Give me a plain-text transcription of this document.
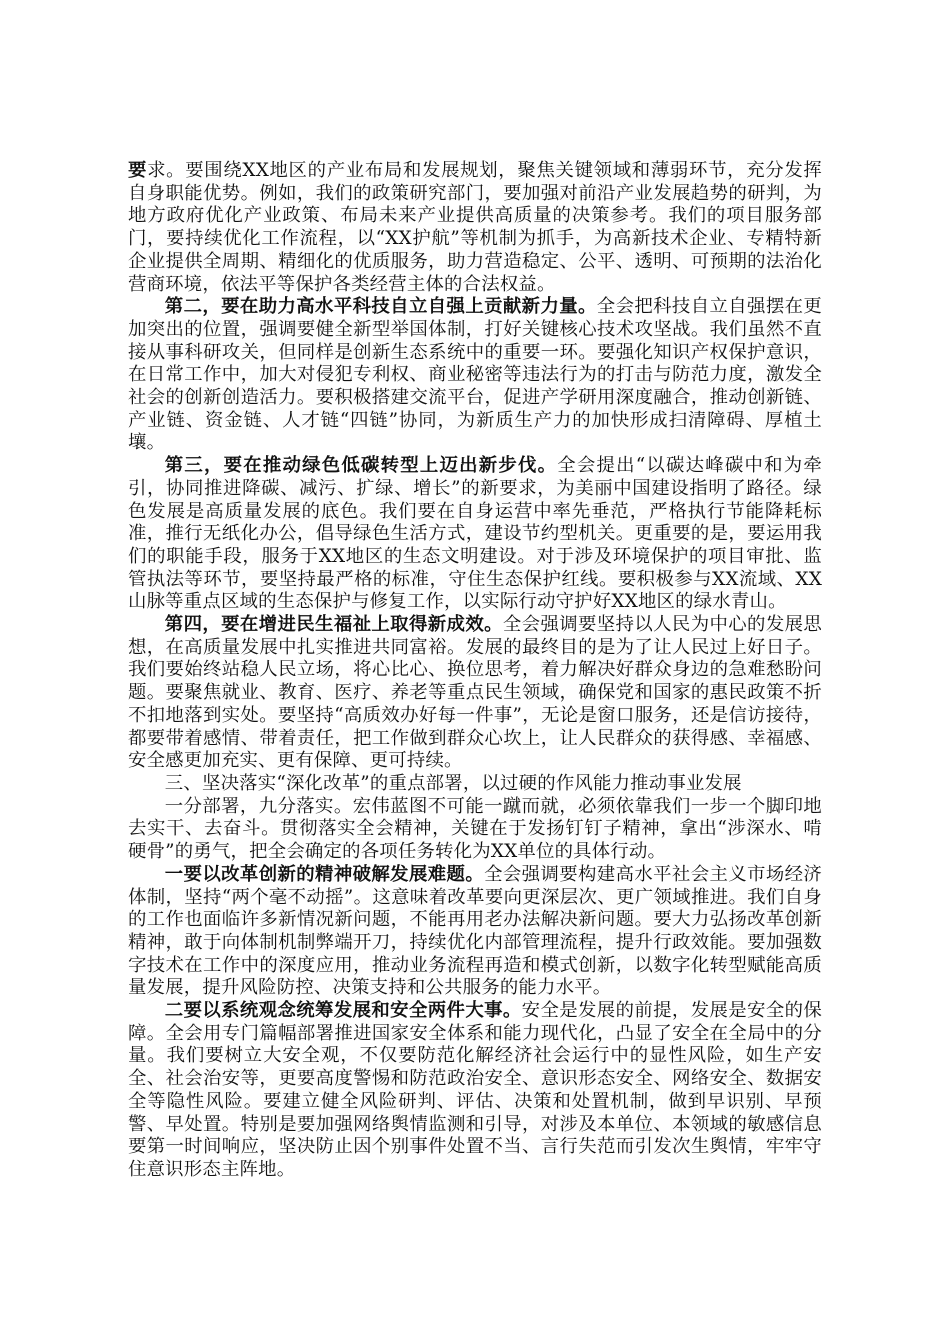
要求。要围绕XX地区的产业布局和发展规划，聚焦关键领域和薄弱环节，充分发挥自身职能优势。例如，我们的政策研究部门，要加强对前沿产业发展趋势的研判，为地方政府优化产业政策、布局未来产业提供高质量的决策参考。我们的项目服务部门，要持续优化工作流程，以“XX护航”等机制为抓手，为高新技术企业、专精特新企业提供全周期、精细化的优质服务，助力营造稳定、公平、透明、可预期的法治化营商环境，依法平等保护各类经营主体的合法权益。

第二，要在助力高水平科技自立自强上贡献新力量。全会把科技自立自强摆在更加突出的位置，强调要健全新型举国体制，打好关键核心技术攻坚战。我们虽然不直接从事科研攻关，但同样是创新生态系统中的重要一环。要强化知识产权保护意识，在日常工作中，加大对侵犯专利权、商业秘密等违法行为的打击与防范力度，激发全社会的创新创造活力。要积极搭建交流平台，促进产学研用深度融合，推动创新链、产业链、资金链、人才链“四链”协同，为新质生产力的加快形成扫清障碍、厚植土壤。

第三，要在推动绿色低碳转型上迈出新步伐。全会提出“以碳达峰碳中和为牵引，协同推进降碳、减污、扩绿、增长”的新要求，为美丽中国建设指明了路径。绿色发展是高质量发展的底色。我们要在自身运营中率先垂范，严格执行节能降耗标准，推行无纸化办公，倡导绿色生活方式，建设节约型机关。更重要的是，要运用我们的职能手段，服务于XX地区的生态文明建设。对于涉及环境保护的项目审批、监管执法等环节，要坚持最严格的标准，守住生态保护红线。要积极参与XX流域、XX山脉等重点区域的生态保护与修复工作，以实际行动守护好XX地区的绿水青山。

第四，要在增进民生福祉上取得新成效。全会强调要坚持以人民为中心的发展思想，在高质量发展中扎实推进共同富裕。发展的最终目的是为了让人民过上好日子。我们要始终站稳人民立场，将心比心、换位思考，着力解决好群众身边的急难愁盼问题。要聚焦就业、教育、医疗、养老等重点民生领域，确保党和国家的惠民政策不折不扣地落到实处。要坚持“高质效办好每一件事”，无论是窗口服务，还是信访接待，都要带着感情、带着责任，把工作做到群众心坎上，让人民群众的获得感、幸福感、安全感更加充实、更有保障、更可持续。

三、坚决落实“深化改革”的重点部署，以过硬的作风能力推动事业发展

一分部署，九分落实。宏伟蓝图不可能一蹴而就，必须依靠我们一步一个脚印地去实干、去奋斗。贯彻落实全会精神，关键在于发扬钉钉子精神，拿出“涉深水、啃硬骨”的勇气，把全会确定的各项任务转化为XX单位的具体行动。

一要以改革创新的精神破解发展难题。全会强调要构建高水平社会主义市场经济体制，坚持“两个毫不动摇”。这意味着改革要向更深层次、更广领域推进。我们自身的工作也面临许多新情况新问题，不能再用老办法解决新问题。要大力弘扬改革创新精神，敢于向体制机制弊端开刀，持续优化内部管理流程，提升行政效能。要加强数字技术在工作中的深度应用，推动业务流程再造和模式创新，以数字化转型赋能高质量发展，提升风险防控、决策支持和公共服务的能力水平。

二要以系统观念统筹发展和安全两件大事。安全是发展的前提，发展是安全的保障。全会用专门篇幅部署推进国家安全体系和能力现代化，凸显了安全在全局中的分量。我们要树立大安全观，不仅要防范化解经济社会运行中的显性风险，如生产安全、社会治安等，更要高度警惕和防范政治安全、意识形态安全、网络安全、数据安全等隐性风险。要建立健全风险研判、评估、决策和处置机制，做到早识别、早预警、早处置。特别是要加强网络舆情监测和引导，对涉及本单位、本领域的敏感信息要第一时间响应，坚决防止因个别事件处置不当、言行失范而引发次生舆情，牢牢守住意识形态主阵地。
